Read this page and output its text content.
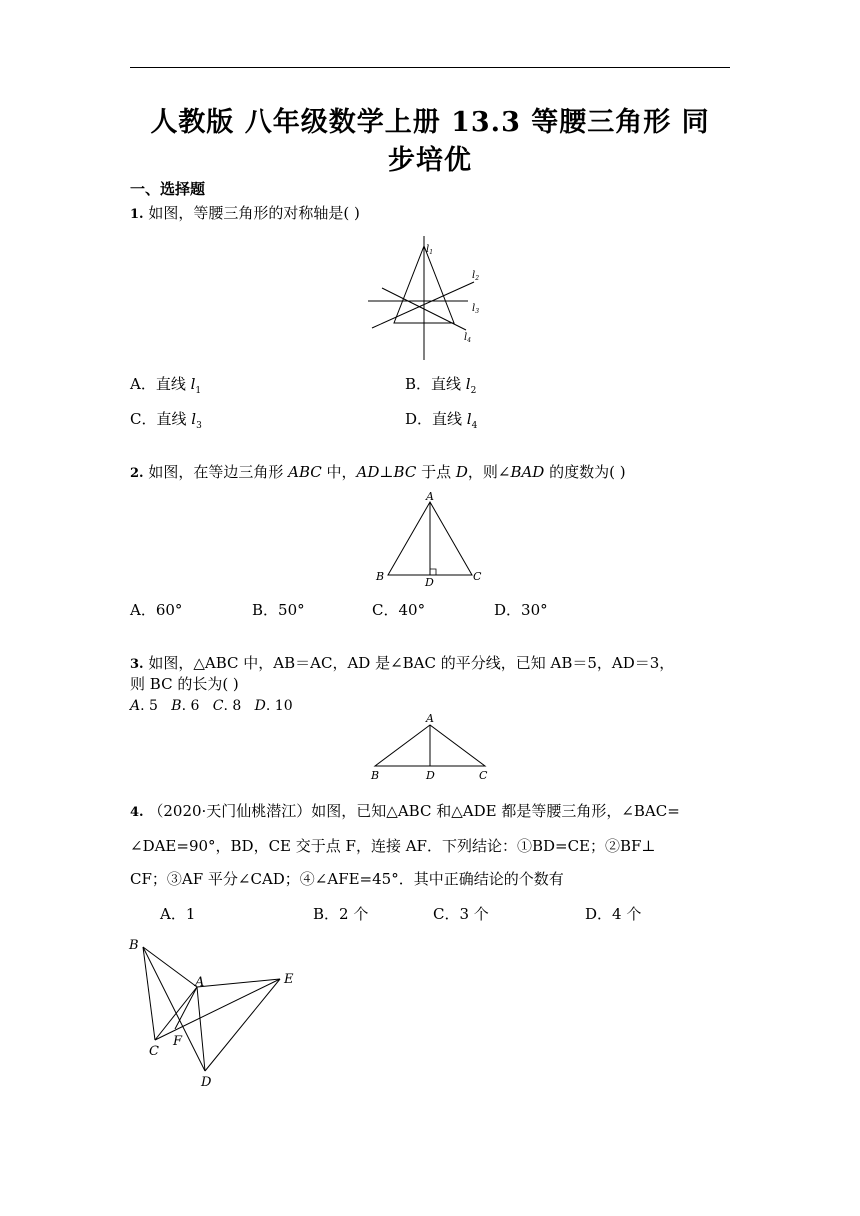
人教版 八年级数学上册 13.3 等腰三角形 同
步培优
一、选择题
1. 如图，等腰三角形的对称轴是( )
$l_1$
$l_2$
$l_3$
$l_4$
A．直线 $l_1$	B．直线 $l_2$
C．直线 $l_3$	D．直线 $l_4$
2. 如图，在等边三角形 ABC 中，AD⊥BC 于点 D，则∠BAD 的度数为( )
A
B	C
D
A．60°	B．50°	C．40°	D．30°
3. 如图，△ABC 中，AB＝AC，AD 是∠BAC 的平分线，已知 AB＝5，AD＝3，
则 BC 的长为( )
A. 5 B. 6 C. 8 D. 10
A
B	D	C
4. （2020·天门仙桃潜江）如图，已知△ABC 和△ADE 都是等腰三角形，∠BAC=
∠DAE=90°，BD，CE 交于点 F，连接 AF．下列结论：①BD=CE；②BF⊥
CF；③AF 平分∠CAD；④∠AFE=45°．其中正确结论的个数有
A．1	B．2 个	C．3 个	D．4 个
B
A	E
C
F
D
